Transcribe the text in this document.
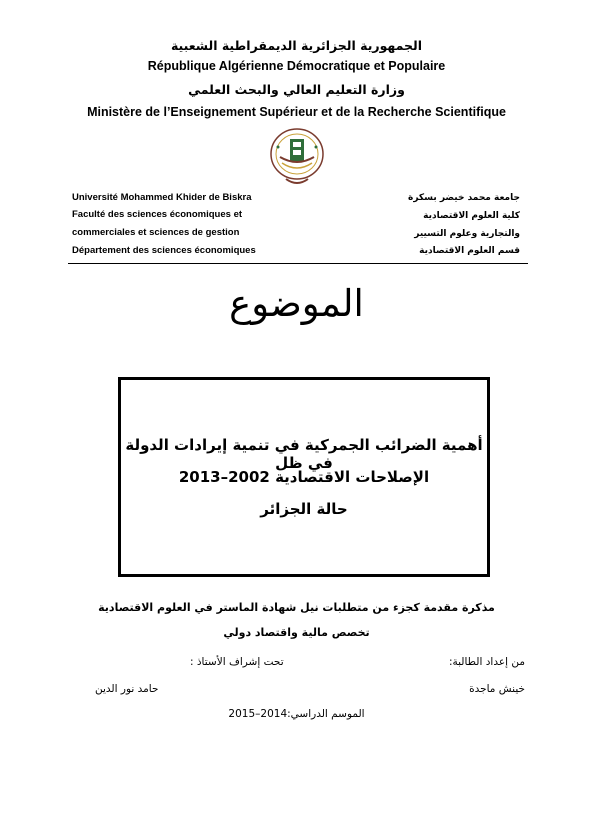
الجمهورية الجزائرية الديمقراطية الشعبية
République Algérienne Démocratique et Populaire
وزارة التعليم العالي والبحث العلمي
Ministère de l’Enseignement Supérieur et de la Recherche Scientifique
Université Mohammed Khider de Biskra
Faculté des sciences économiques et
commerciales et sciences de gestion
Département des sciences économiques
جامعة محمد خيضر بسكرة
كلية العلوم الاقتصادية
والتجارية وعلوم التسيير
قسم العلوم الاقتصادية
الموضوع
أهمية الضرائب الجمركية في تنمية إيرادات الدولة في ظل
الإصلاحات الاقتصادية 2002–2013
حالة الجزائر
مذكرة مقدمة كجزء من متطلبات نيل شهادة الماستر في العلوم الاقتصادية
تخصص مالية واقتصاد دولي
من إعداد الطالبة:
تحت إشراف الأستاذ :
خينش ماجدة
حامد نور الدين
الموسم الدراسي:2014–2015
